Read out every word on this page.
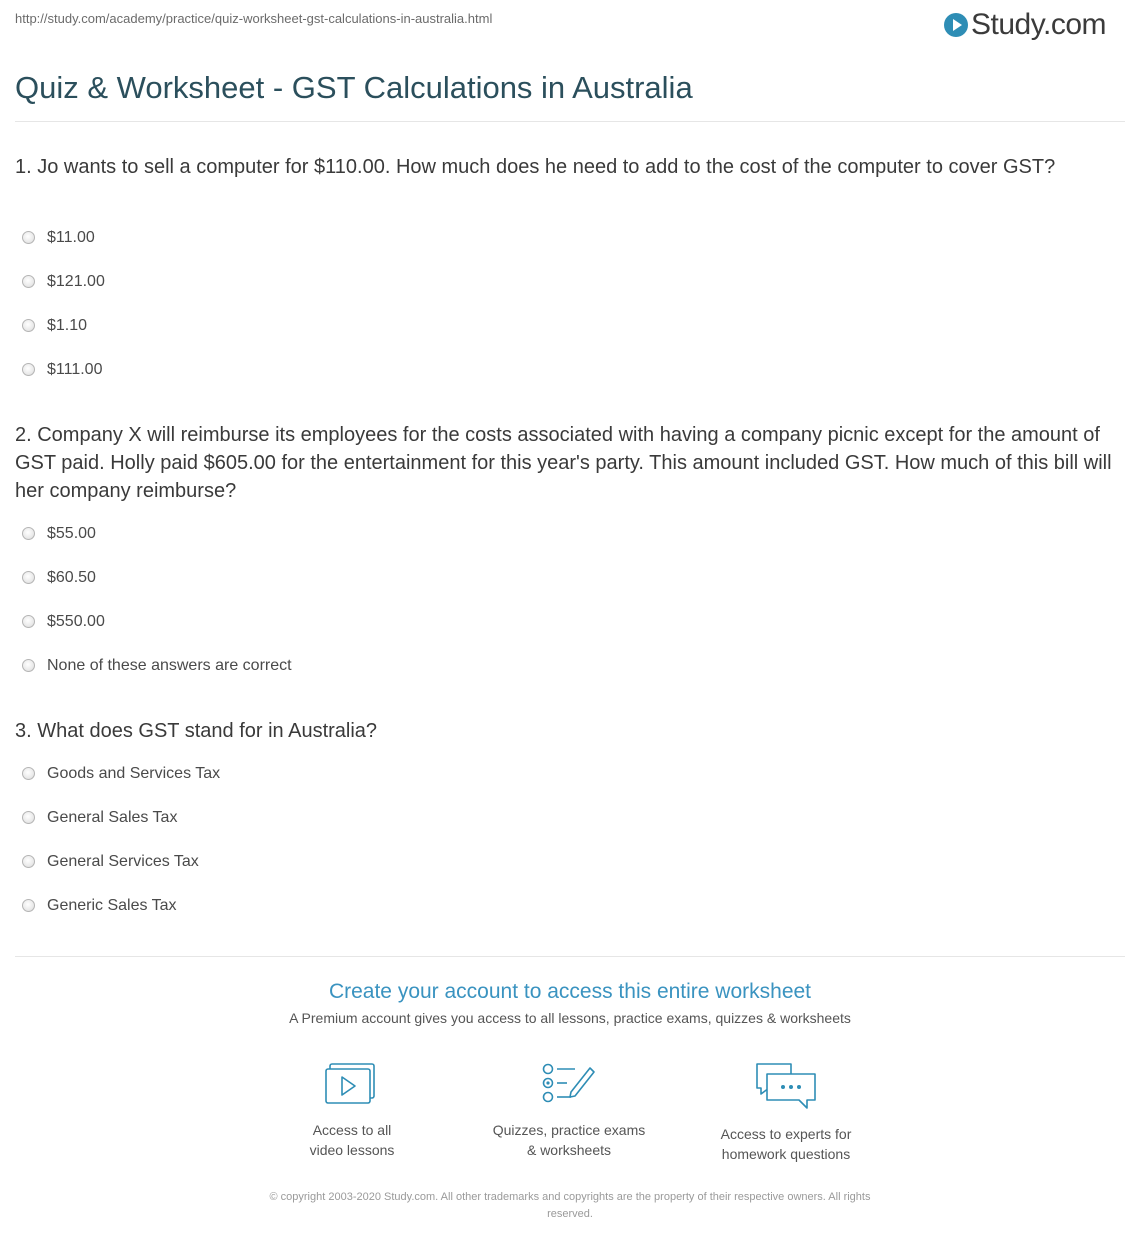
http://study.com/academy/practice/quiz-worksheet-gst-calculations-in-australia.html	Study.com
Quiz & Worksheet - GST Calculations in Australia
1. Jo wants to sell a computer for $110.00. How much does he need to add to the cost of the computer to cover GST?
$11.00
$121.00
$1.10
$111.00
2. Company X will reimburse its employees for the costs associated with having a company picnic except for the amount of GST paid. Holly paid $605.00 for the entertainment for this year's party. This amount included GST. How much of this bill will her company reimburse?
$55.00
$60.50
$550.00
None of these answers are correct
3. What does GST stand for in Australia?
Goods and Services Tax
General Sales Tax
General Services Tax
Generic Sales Tax
Create your account to access this entire worksheet
A Premium account gives you access to all lessons, practice exams, quizzes & worksheets
Access to all
video lessons
Quizzes, practice exams
& worksheets
Access to experts for
homework questions
© copyright 2003-2020 Study.com. All other trademarks and copyrights are the property of their respective owners. All rights
reserved.
